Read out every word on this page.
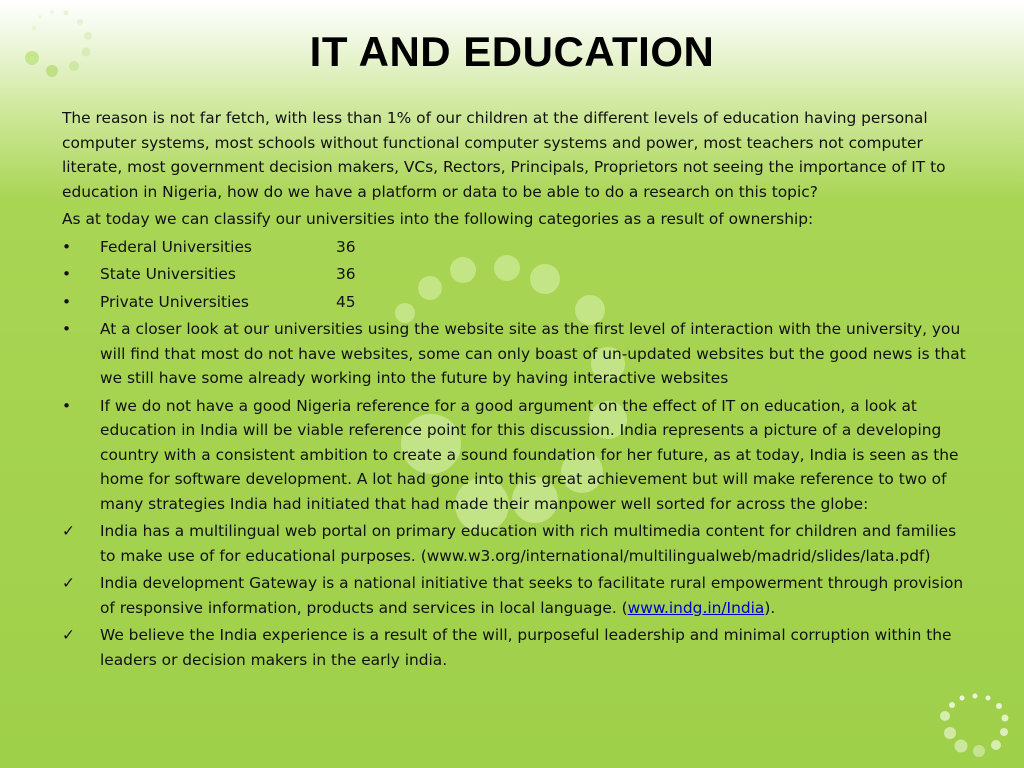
IT AND EDUCATION

The reason is not far fetch, with less than 1% of our children at the different levels of education having personal computer systems, most schools without functional computer systems and power, most teachers not computer literate, most government decision makers, VCs, Rectors, Principals, Proprietors not seeing the importance of IT to education in Nigeria, how do we have a platform or data to be able to do a research on this topic?

As at today we can classify our universities into the following categories as a result of ownership:

•	Federal Universities	36
•	State Universities	36
•	Private Universities	45
•	At a closer look at our universities using the website site as the first level of interaction with the university, you will find that most do not have websites, some can only boast of un-updated websites but the good news is that we still have some already working into the future by having interactive websites
•	If we do not have a good Nigeria reference for a good argument on the effect of IT on education, a look at education in India will be viable reference point for this discussion. India represents a picture of a developing country with a consistent ambition to create a sound foundation for her future, as at today, India is seen as the home for software development. A lot had gone into this great achievement but will make reference to two of many strategies India had initiated that had made their manpower well sorted for across the globe:
✓	India has a multilingual web portal on primary education with rich multimedia content for children and families to make use of for educational purposes. (www.w3.org/international/multilingualweb/madrid/slides/lata.pdf)
✓	India development Gateway is a national initiative that seeks to facilitate rural empowerment through provision of responsive information, products and services in local language. (www.indg.in/India).
✓	We believe the India experience is a result of the will, purposeful leadership and minimal corruption within the leaders or decision makers in the early india.
